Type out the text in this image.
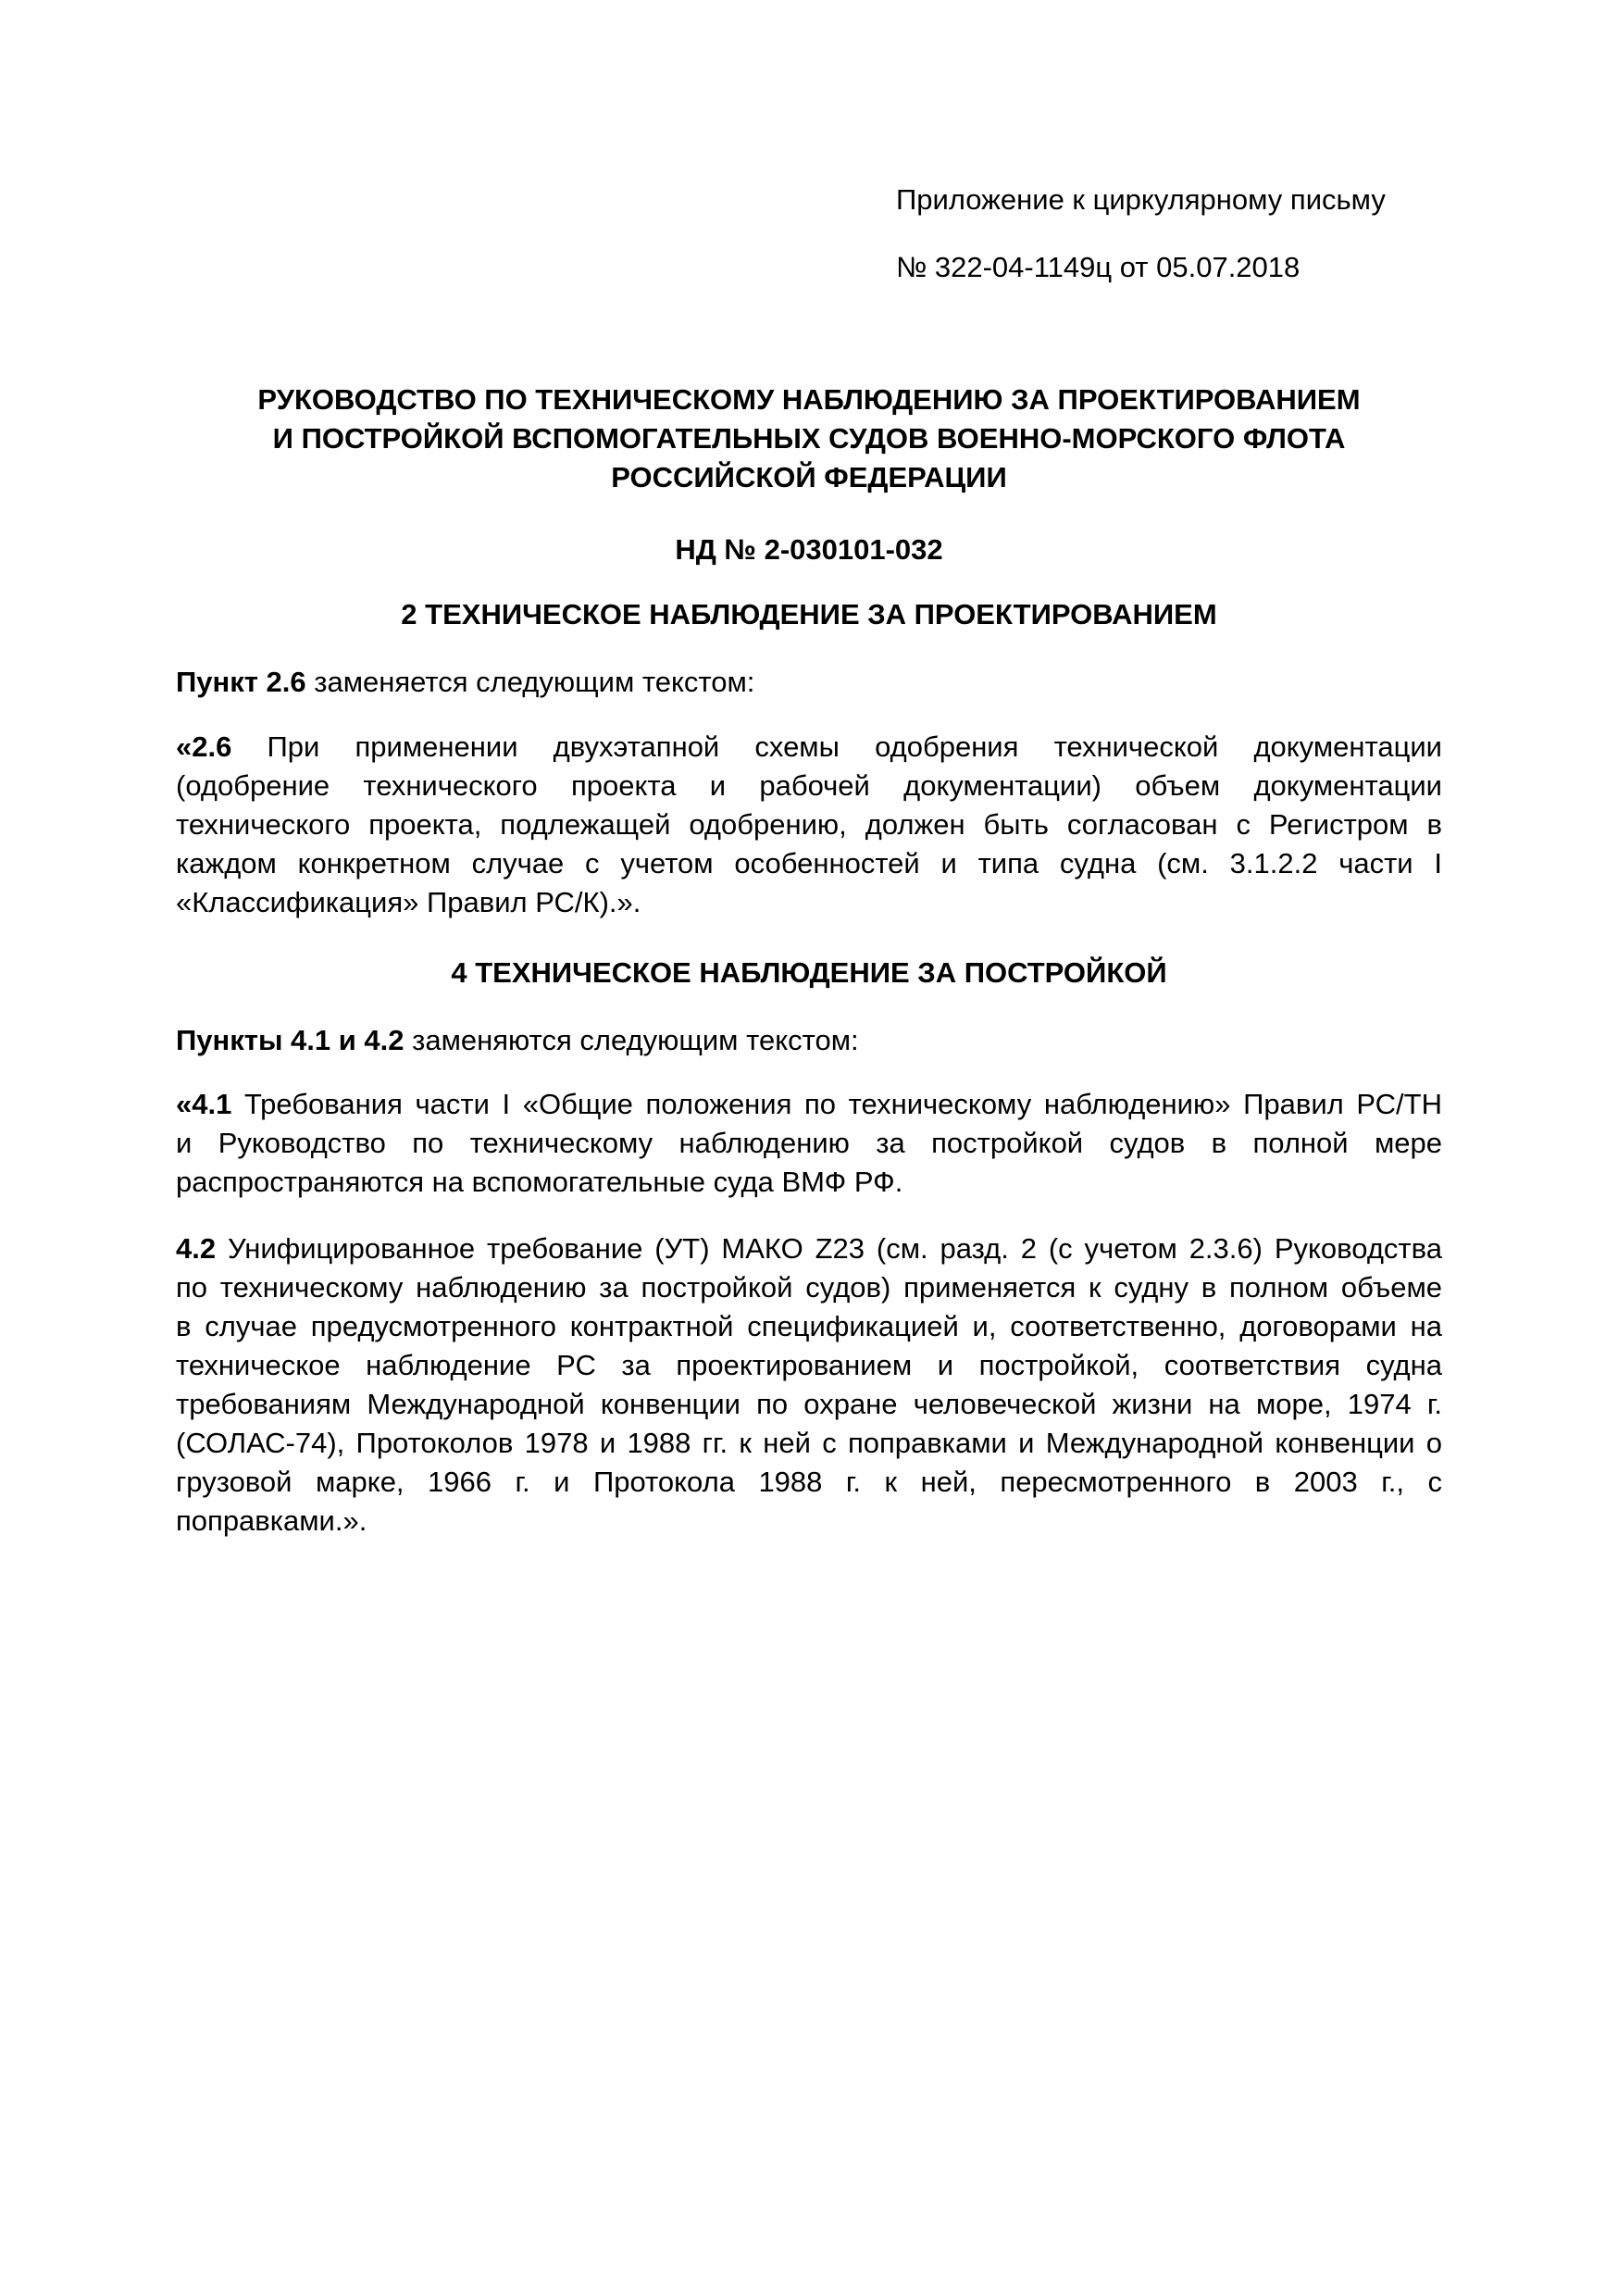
Приложение к циркулярному письму
№ 322-04-1149ц от 05.07.2018
РУКОВОДСТВО ПО ТЕХНИЧЕСКОМУ НАБЛЮДЕНИЮ ЗА ПРОЕКТИРОВАНИЕМ
И ПОСТРОЙКОЙ ВСПОМОГАТЕЛЬНЫХ СУДОВ ВОЕННО-МОРСКОГО ФЛОТА
РОССИЙСКОЙ ФЕДЕРАЦИИ
НД № 2-030101-032
2 ТЕХНИЧЕСКОЕ НАБЛЮДЕНИЕ ЗА ПРОЕКТИРОВАНИЕМ
Пункт 2.6 заменяется следующим текстом:
«2.6 При применении двухэтапной схемы одобрения технической документации
(одобрение технического проекта и рабочей документации) объем документации
технического проекта, подлежащей одобрению, должен быть согласован с Регистром в
каждом конкретном случае с учетом особенностей и типа судна (см. 3.1.2.2 части I
«Классификация» Правил РС/К).».
4 ТЕХНИЧЕСКОЕ НАБЛЮДЕНИЕ ЗА ПОСТРОЙКОЙ
Пункты 4.1 и 4.2 заменяются следующим текстом:
«4.1 Требования части I «Общие положения по техническому наблюдению» Правил РС/ТН
и Руководство по техническому наблюдению за постройкой судов в полной мере
распространяются на вспомогательные суда ВМФ РФ.
4.2 Унифицированное требование (УТ) МАКО Z23 (см. разд. 2 (с учетом 2.3.6) Руководства
по техническому наблюдению за постройкой судов) применяется к судну в полном объеме
в случае предусмотренного контрактной спецификацией и, соответственно, договорами на
техническое наблюдение РС за проектированием и постройкой, соответствия судна
требованиям Международной конвенции по охране человеческой жизни на море, 1974 г.
(СОЛАС-74), Протоколов 1978 и 1988 гг. к ней с поправками и Международной конвенции о
грузовой марке, 1966 г. и Протокола 1988 г. к ней, пересмотренного в 2003 г., с
поправками.».
